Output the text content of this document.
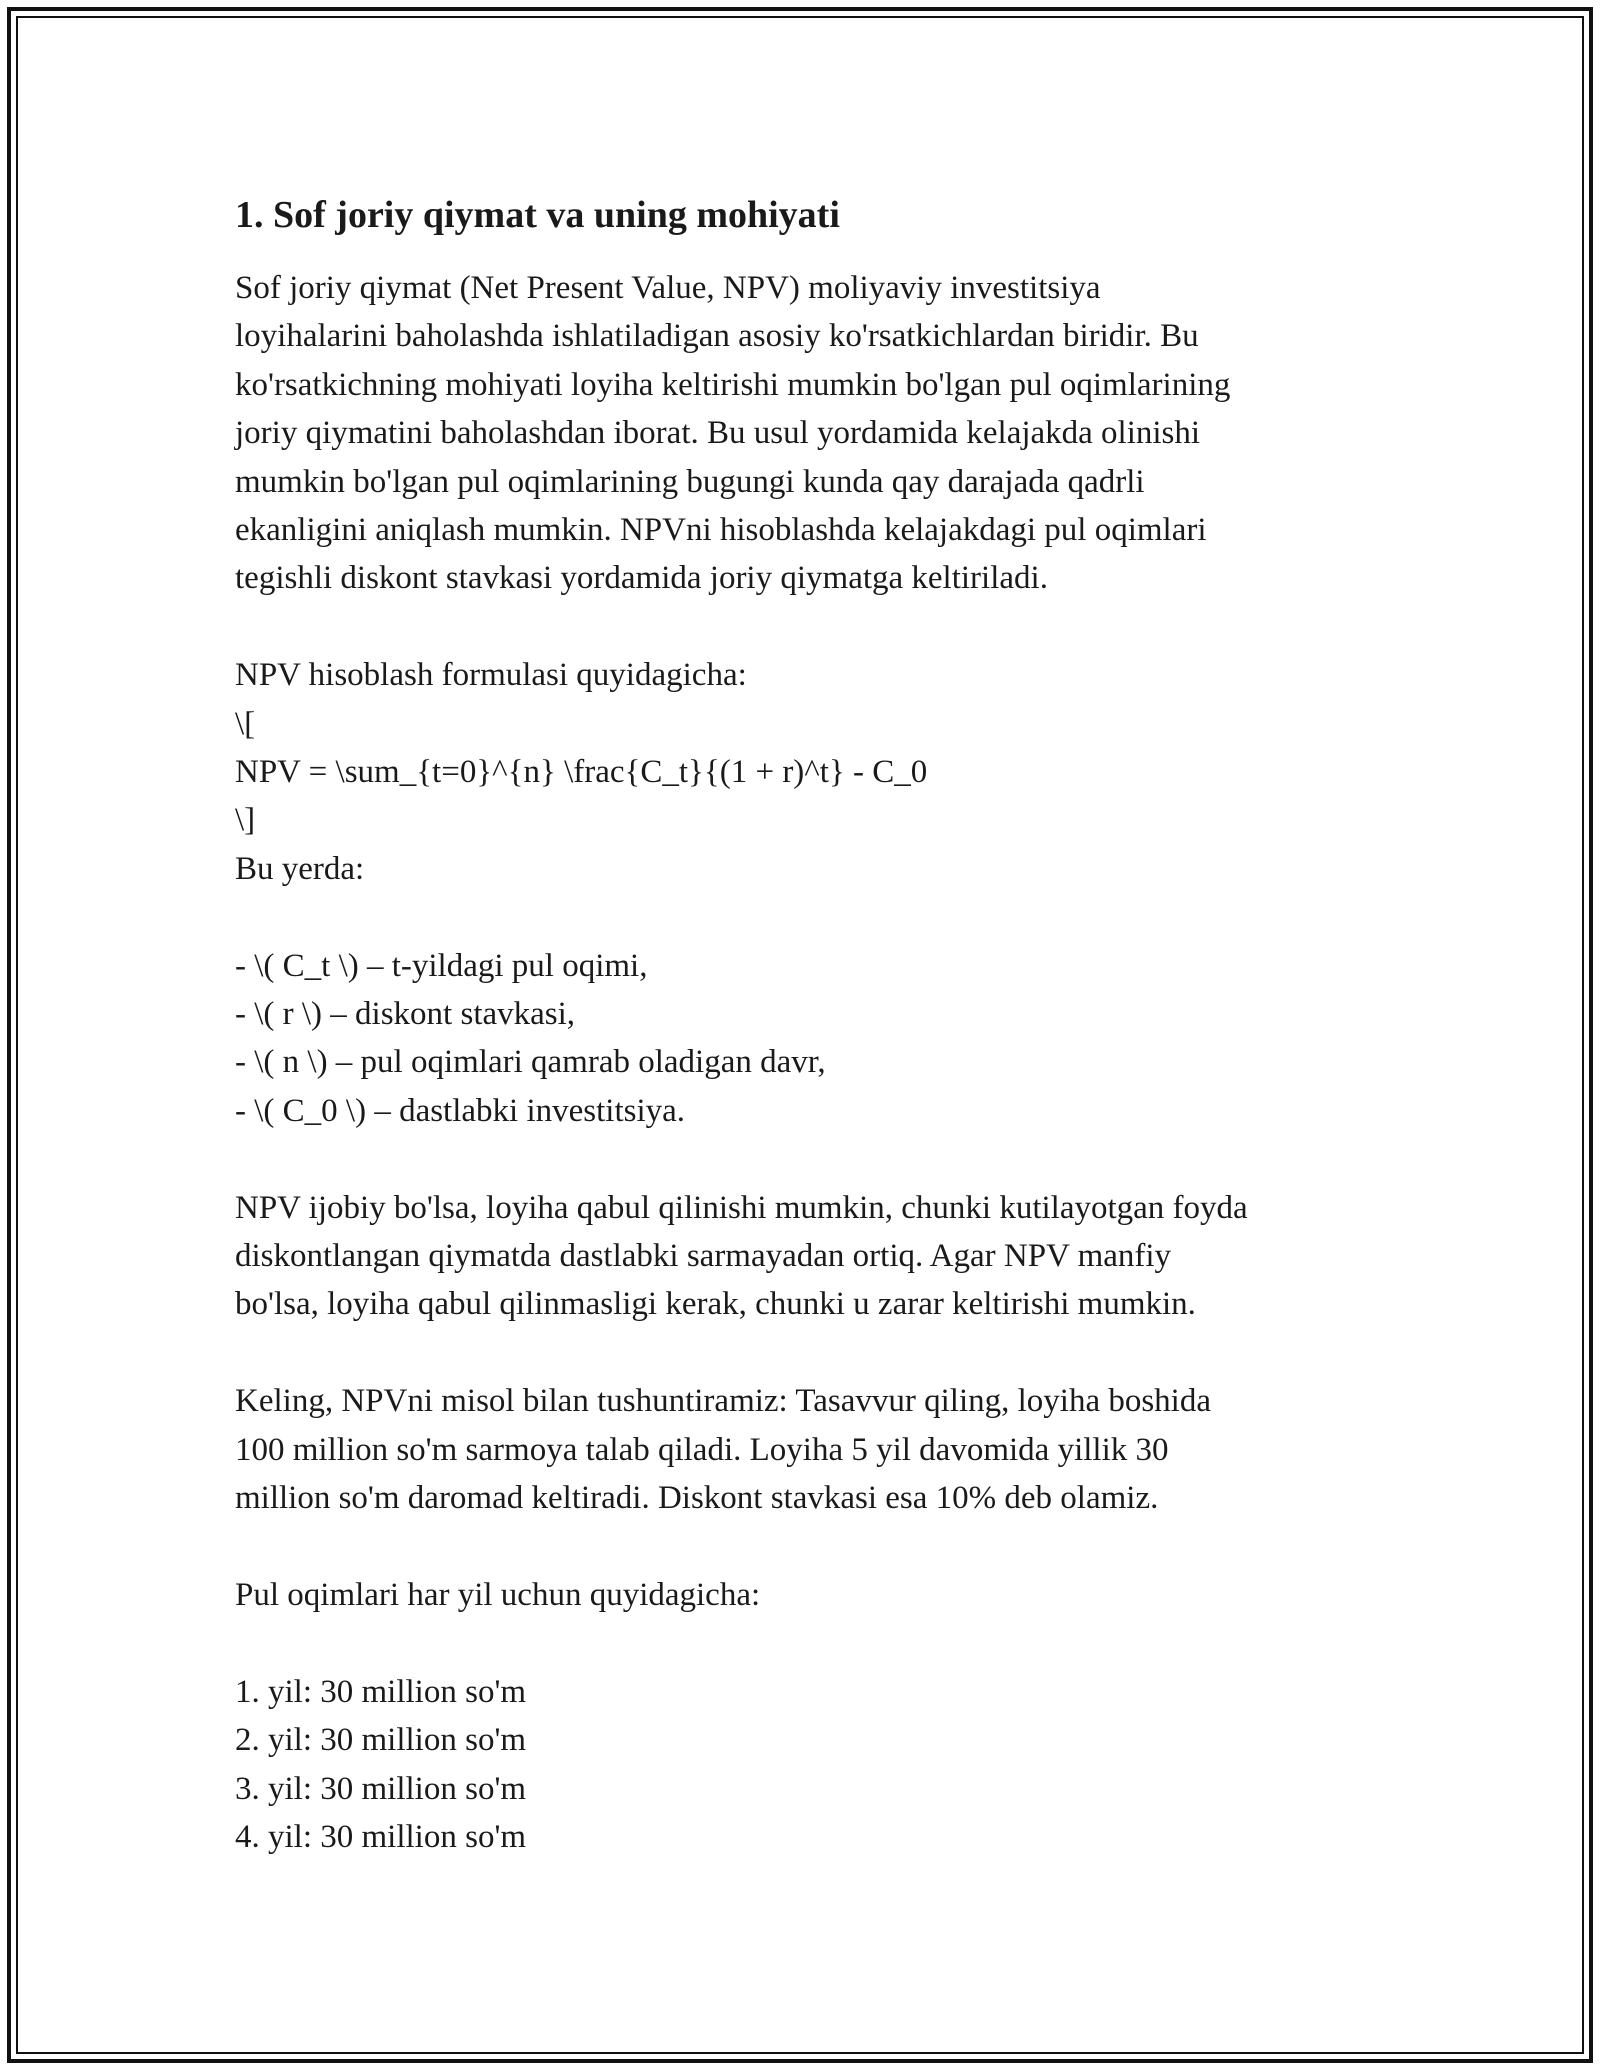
1. Sof joriy qiymat va uning mohiyati
Sof joriy qiymat (Net Present Value, NPV) moliyaviy investitsiya
loyihalarini baholashda ishlatiladigan asosiy ko'rsatkichlardan biridir. Bu
ko'rsatkichning mohiyati loyiha keltirishi mumkin bo'lgan pul oqimlarining
joriy qiymatini baholashdan iborat. Bu usul yordamida kelajakda olinishi
mumkin bo'lgan pul oqimlarining bugungi kunda qay darajada qadrli
ekanligini aniqlash mumkin. NPVni hisoblashda kelajakdagi pul oqimlari
tegishli diskont stavkasi yordamida joriy qiymatga keltiriladi.
NPV hisoblash formulasi quyidagicha:
\[
NPV = \sum_{t=0}^{n} \frac{C_t}{(1 + r)^t} - C_0
\]
Bu yerda:
- \( C_t \) – t-yildagi pul oqimi,
- \( r \) – diskont stavkasi,
- \( n \) – pul oqimlari qamrab oladigan davr,
- \( C_0 \) – dastlabki investitsiya.
NPV ijobiy bo'lsa, loyiha qabul qilinishi mumkin, chunki kutilayotgan foyda
diskontlangan qiymatda dastlabki sarmayadan ortiq. Agar NPV manfiy
bo'lsa, loyiha qabul qilinmasligi kerak, chunki u zarar keltirishi mumkin.
Keling, NPVni misol bilan tushuntiramiz: Tasavvur qiling, loyiha boshida
100 million so'm sarmoya talab qiladi. Loyiha 5 yil davomida yillik 30
million so'm daromad keltiradi. Diskont stavkasi esa 10% deb olamiz.
Pul oqimlari har yil uchun quyidagicha:
1. yil: 30 million so'm
2. yil: 30 million so'm
3. yil: 30 million so'm
4. yil: 30 million so'm
